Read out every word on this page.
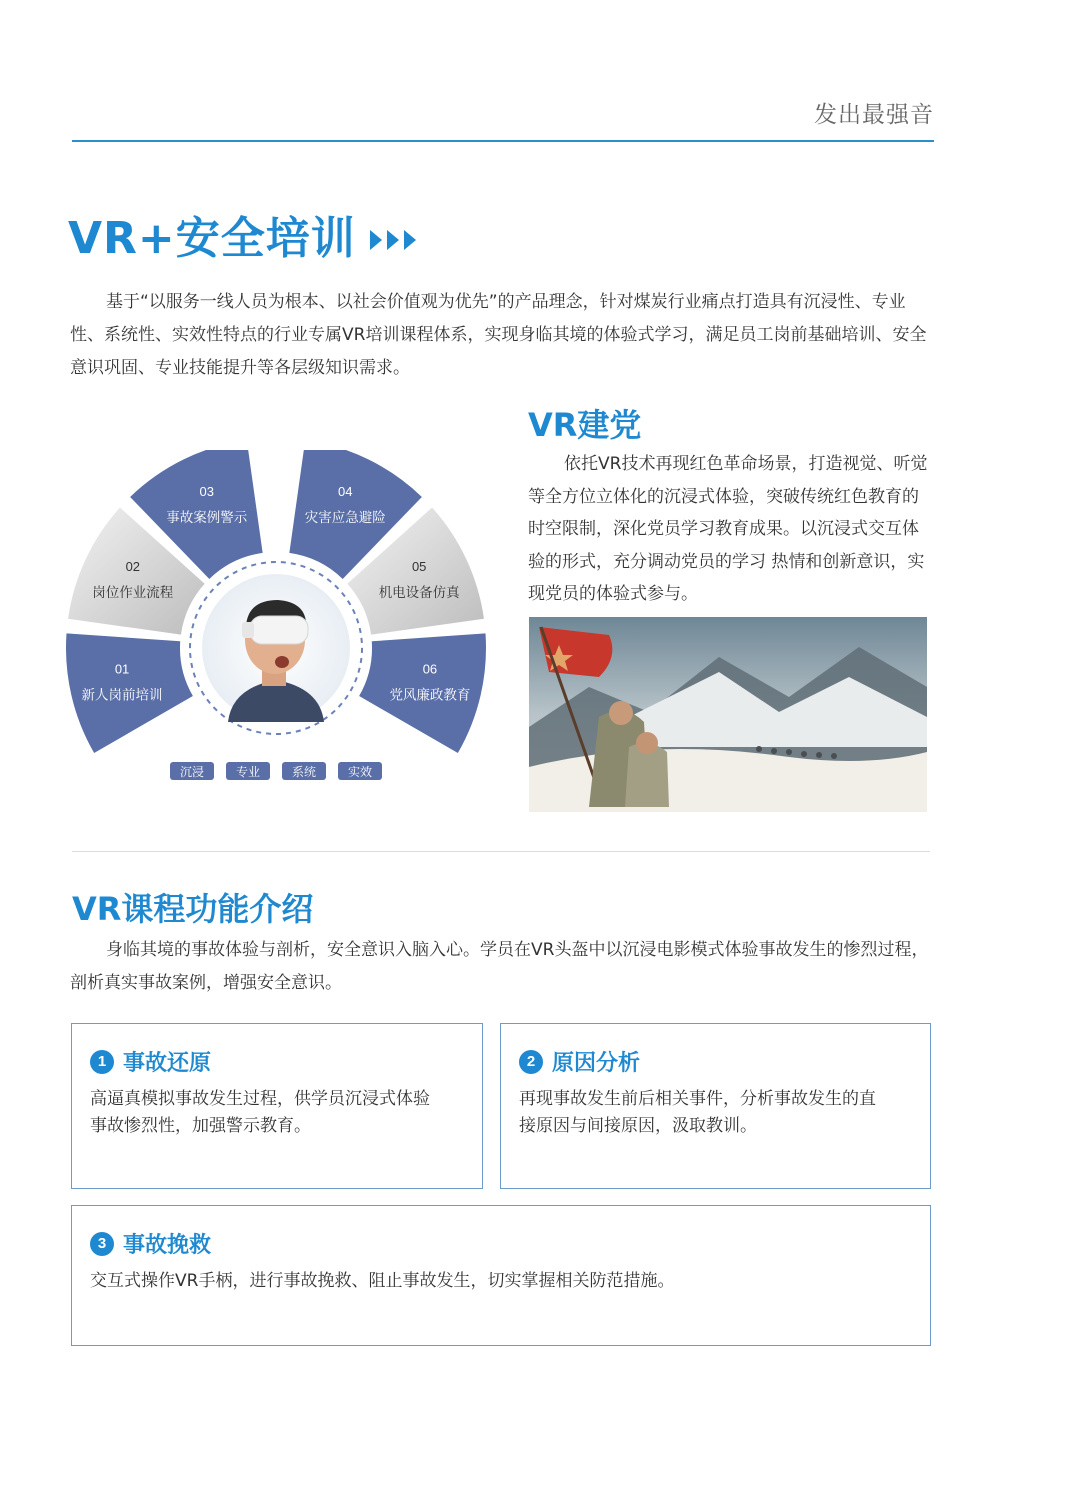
发出最强音
VR+安全培训

基于“以服务一线人员为根本、以社会价值观为优先”的产品理念，针对煤炭行业痛点打造具有沉浸性、专业性、系统性、实效性特点的行业专属VR培训课程体系，实现身临其境的体验式学习，满足员工岗前基础培训、安全意识巩固、专业技能提升等各层级知识需求。

01
新人岗前培训
02
岗位作业流程
03
事故案例警示
04
灾害应急避险
05
机电设备仿真
06
党风廉政教育
沉浸	专业	系统	实效
VR建党

依托VR技术再现红色革命场景，打造视觉、听觉等全方位立体化的沉浸式体验，突破传统红色教育的时空限制，深化党员学习教育成果。以沉浸式交互体验的形式，充分调动党员的学习 热情和创新意识，实现党员的体验式参与。

VR课程功能介绍

身临其境的事故体验与剖析，安全意识入脑入心。学员在VR头盔中以沉浸电影模式体验事故发生的惨烈过程，剖析真实事故案例，增强安全意识。

1 事故还原

高逼真模拟事故发生过程，供学员沉浸式体验
事故惨烈性，加强警示教育。

2 原因分析

再现事故发生前后相关事件，分析事故发生的直
接原因与间接原因，汲取教训。

3 事故挽救

交互式操作VR手柄，进行事故挽救、阻止事故发生，切实掌握相关防范措施。
